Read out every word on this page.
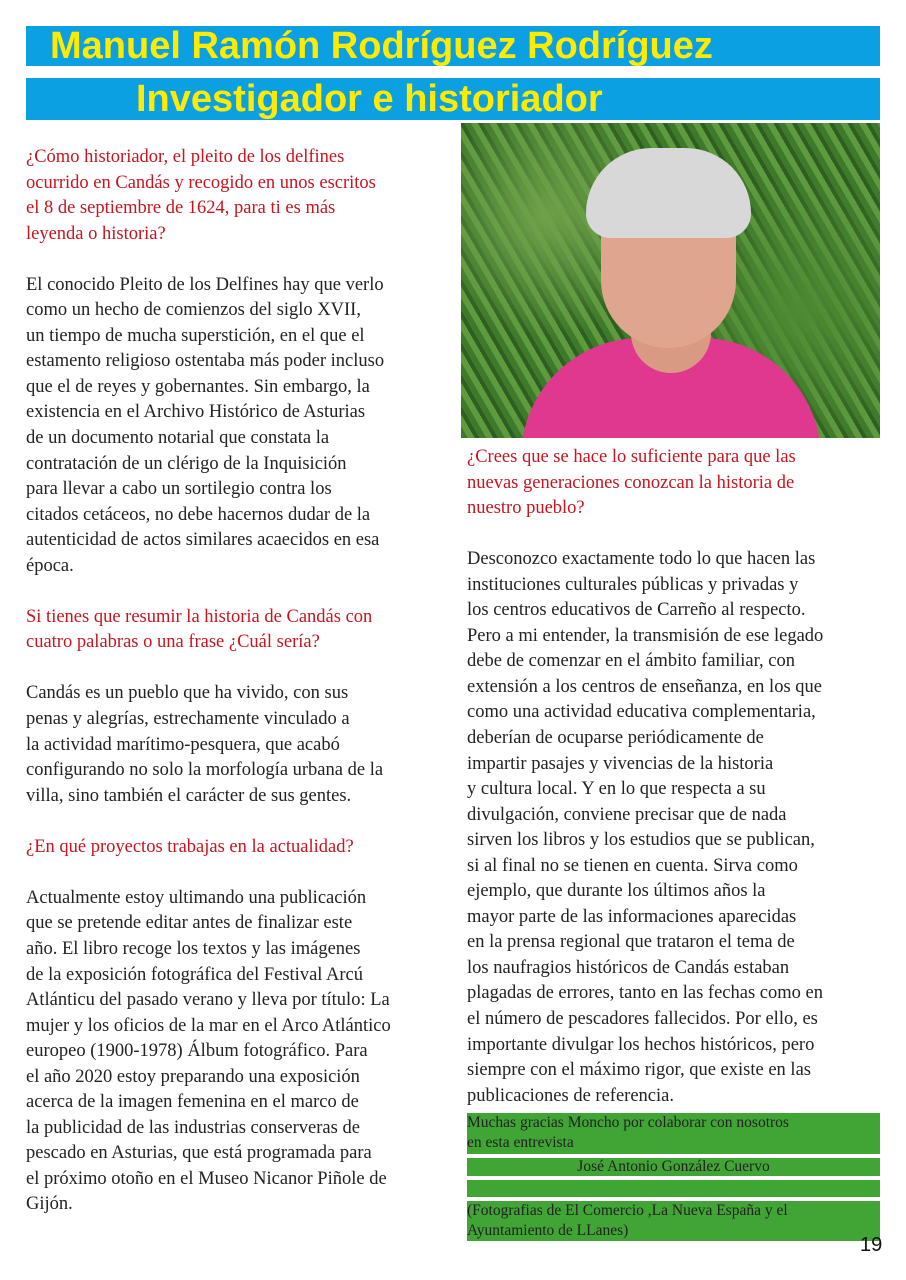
Manuel Ramón Rodríguez Rodríguez
Investigador e historiador
¿Cómo historiador, el pleito de los delfines
ocurrido en Candás y recogido en unos escritos
el 8 de septiembre de 1624, para ti es más
leyenda o historia?
El conocido Pleito de los Delfines hay que verlo
como un hecho de comienzos del siglo XVII,
un tiempo de mucha superstición, en el que el
estamento religioso ostentaba más poder incluso
que el de reyes y gobernantes. Sin embargo, la
existencia en el Archivo Histórico de Asturias
de un documento notarial que constata la
contratación de un clérigo de la Inquisición
para llevar a cabo un sortilegio contra los
citados cetáceos, no debe hacernos dudar de la
autenticidad de actos similares acaecidos en esa
época.
Si tienes que resumir la historia de Candás con
cuatro palabras o una frase ¿Cuál sería?
Candás es un pueblo que ha vivido, con sus
penas y alegrías, estrechamente vinculado a
la actividad marítimo-pesquera, que acabó
configurando no solo la morfología urbana de la
villa, sino también el carácter de sus gentes.
¿En qué proyectos trabajas en la actualidad?
Actualmente estoy ultimando una publicación
que se pretende editar antes de finalizar este
año. El libro recoge los textos y las imágenes
de la exposición fotográfica del Festival Arcú
Atlánticu del pasado verano y lleva por título: La
mujer y los oficios de la mar en el Arco Atlántico
europeo (1900-1978) Álbum fotográfico. Para
el año 2020 estoy preparando una exposición
acerca de la imagen femenina en el marco de
la publicidad de las industrias conserveras de
pescado en Asturias, que está programada para
el próximo otoño en el Museo Nicanor Piñole de
Gijón.
¿Crees que se hace lo suficiente para que las
nuevas generaciones conozcan la historia de
nuestro pueblo?
Desconozco exactamente todo lo que hacen las
instituciones culturales públicas y privadas y
los centros educativos de Carreño al respecto.
Pero a mi entender, la transmisión de ese legado
debe de comenzar en el ámbito familiar, con
extensión a los centros de enseñanza, en los que
como una actividad educativa complementaria,
deberían de ocuparse periódicamente de
impartir pasajes y vivencias de la historia
y cultura local. Y en lo que respecta a su
divulgación, conviene precisar que de nada
sirven los libros y los estudios que se publican,
si al final no se tienen en cuenta. Sirva como
ejemplo, que durante los últimos años la
mayor parte de las informaciones aparecidas
en la prensa regional que trataron el tema de
los naufragios históricos de Candás estaban
plagadas de errores, tanto en las fechas como en
el número de pescadores fallecidos. Por ello, es
importante divulgar los hechos históricos, pero
siempre con el máximo rigor, que existe en las
publicaciones de referencia.
Muchas gracias Moncho por colaborar con nosotros
en esta entrevista
José Antonio González Cuervo
(Fotografias de El Comercio ,La Nueva España y el
Ayuntamiento de LLanes)
19
